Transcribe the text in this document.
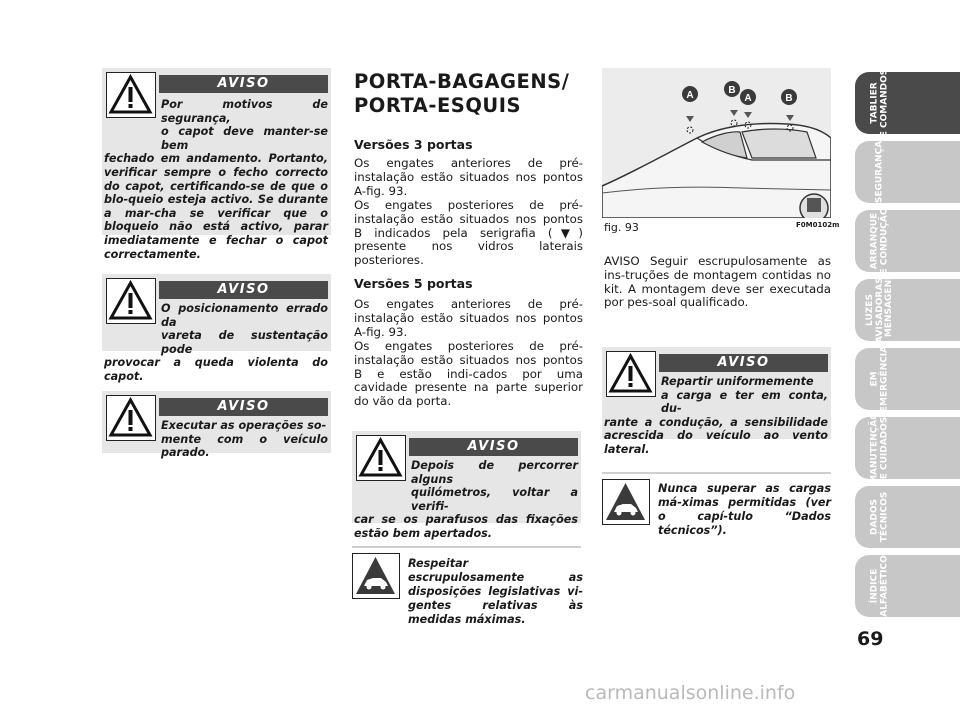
AVISO
Por motivos de segurança,
o capot deve manter-se bem
fechado em andamento. Portanto, verificar sempre o fecho correcto do capot, certificando-se de que o blo-queio esteja activo. Se durante a mar-cha se verificar que o bloqueio não está activo, parar imediatamente e fechar o capot correctamente.
AVISO
O posicionamento errado da
vareta de sustentação pode
provocar a queda violenta do capot.
AVISO
Executar as operações so-
mente com o veículo parado.
PORTA-BAGAGENS/
PORTA-ESQUIS
Versões 3 portas
Os engates anteriores de pré-instalação estão situados nos pontos A-fig. 93.
Os engates posteriores de pré-instalação estão situados nos pontos B indicados pela serigrafia (▼) presente nos vidros laterais posteriores.
Versões 5 portas
Os engates anteriores de pré-instalação estão situados nos pontos A-fig. 93.
Os engates posteriores de pré-instalação estão situados nos pontos B e estão indi-cados por uma cavidade presente na parte superior do vão da porta.
AVISO
Depois de percorrer alguns
quilómetros, voltar a verifi-
car se os parafusos das fixações estão bem apertados.
Respeitar escrupulosamente as disposições legislativas vi-gentes relativas às medidas máximas.
A	B
A	B
fig. 93	F0M0102m
AVISO Seguir escrupulosamente as ins-truções de montagem contidas no kit. A montagem deve ser executada por pes-soal qualificado.
AVISO
Repartir uniformemente
a carga e ter em conta, du-
rante a condução, a sensibilidade acrescida do veículo ao vento lateral.
Nunca superar as cargas má-ximas permitidas (ver o capí-tulo “Dados técnicos”).
TABLIER E COMANDOS
SEGURANÇA
ARRANQUE E CONDUÇÃO
LUZES AVISADORAS E MENSAGENS
EM EMERGÊNCIA
MANUTENÇÃO E CUIDADOS
DADOS TÉCNICOS
ÍNDICE ALFABÉTICO
69
carmanualsonline.info
